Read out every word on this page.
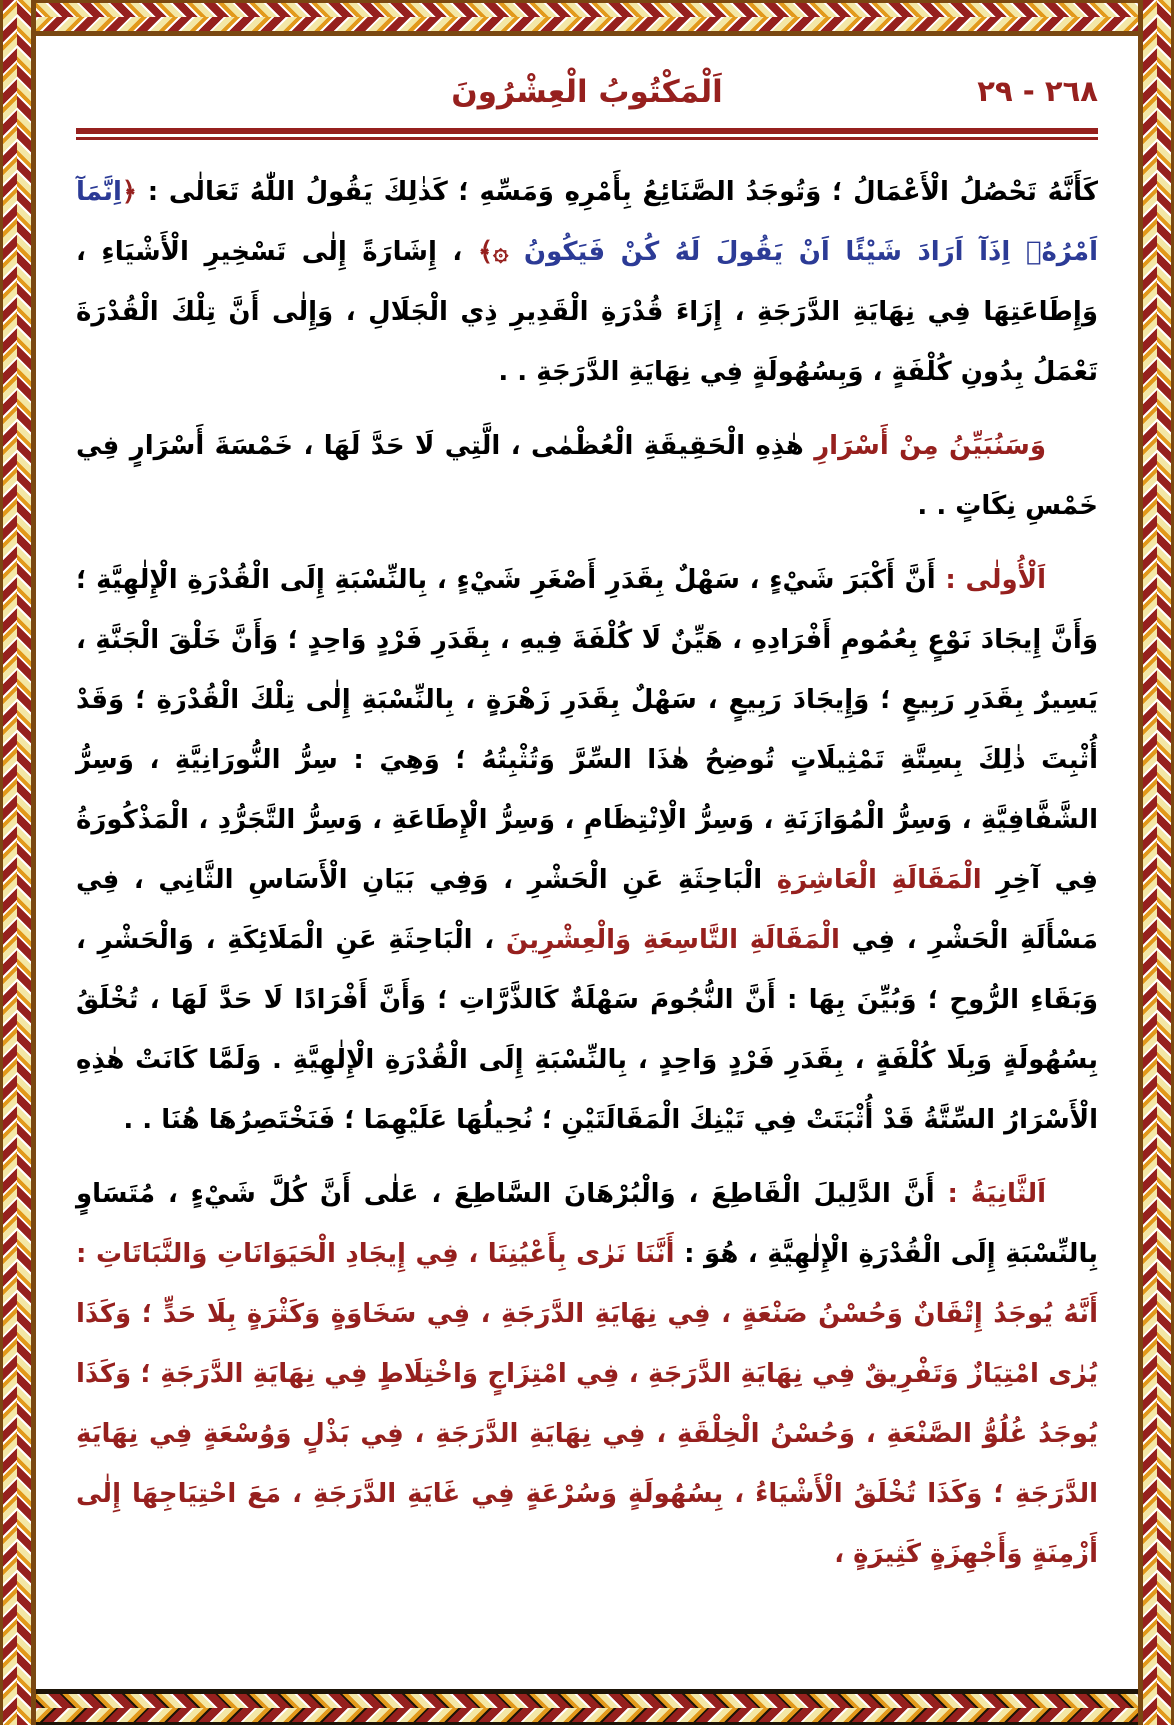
٢٦٨ - ٢٩
اَلْمَكْتُوبُ الْعِشْرُونَ

كَأَنَّهُ تَحْصُلُ الْأَعْمَالُ ؛ وَتُوجَدُ الصَّنَائِعُ بِأَمْرِهِ وَمَسِّهِ ؛ كَذٰلِكَ يَقُولُ اللّٰهُ تَعَالٰى : ﴿اِنَّمَآ اَمْرُهُۤ اِذَآ اَرَادَ شَيْئًا اَنْ يَقُولَ لَهُ كُنْ فَيَكُونُ ۞﴾ ، إِشَارَةً إِلٰى تَسْخِيرِ الْأَشْيَاءِ ، وَإِطَاعَتِهَا فِي نِهَايَةِ الدَّرَجَةِ ، إِزَاءَ قُدْرَةِ الْقَدِيرِ ذِي الْجَلَالِ ، وَإِلٰى أَنَّ تِلْكَ الْقُدْرَةَ تَعْمَلُ بِدُونِ كُلْفَةٍ ، وَبِسُهُولَةٍ فِي نِهَايَةِ الدَّرَجَةِ . .

وَسَنُبَيِّنُ مِنْ أَسْرَارِ هٰذِهِ الْحَقِيقَةِ الْعُظْمٰى ، الَّتِي لَا حَدَّ لَهَا ، خَمْسَةَ أَسْرَارٍ فِي خَمْسِ نِكَاتٍ . .

اَلْأُولٰى : أَنَّ أَكْبَرَ شَيْءٍ ، سَهْلٌ بِقَدَرِ أَصْغَرِ شَيْءٍ ، بِالنِّسْبَةِ إِلَى الْقُدْرَةِ الْإِلٰهِيَّةِ ؛ وَأَنَّ إِيجَادَ نَوْعٍ بِعُمُومِ أَفْرَادِهِ ، هَيِّنٌ لَا كُلْفَةَ فِيهِ ، بِقَدَرِ فَرْدٍ وَاحِدٍ ؛ وَأَنَّ خَلْقَ الْجَنَّةِ ، يَسِيرٌ بِقَدَرِ رَبِيعٍ ؛ وَإِيجَادَ رَبِيعٍ ، سَهْلٌ بِقَدَرِ زَهْرَةٍ ، بِالنِّسْبَةِ إِلٰى تِلْكَ الْقُدْرَةِ ؛ وَقَدْ أُثْبِتَ ذٰلِكَ بِسِتَّةِ تَمْثِيلَاتٍ تُوضِحُ هٰذَا السِّرَّ وَتُثْبِتُهُ ؛ وَهِيَ : سِرُّ النُّورَانِيَّةِ ، وَسِرُّ الشَّفَّافِيَّةِ ، وَسِرُّ الْمُوَازَنَةِ ، وَسِرُّ الْاِنْتِظَامِ ، وَسِرُّ الْإِطَاعَةِ ، وَسِرُّ التَّجَرُّدِ ، الْمَذْكُورَةُ فِي آخِرِ الْمَقَالَةِ الْعَاشِرَةِ الْبَاحِثَةِ عَنِ الْحَشْرِ ، وَفِي بَيَانِ الْأَسَاسِ الثَّانِي ، فِي مَسْأَلَةِ الْحَشْرِ ، فِي الْمَقَالَةِ التَّاسِعَةِ وَالْعِشْرِينَ ، الْبَاحِثَةِ عَنِ الْمَلَائِكَةِ ، وَالْحَشْرِ ، وَبَقَاءِ الرُّوحِ ؛ وَبُيِّنَ بِهَا : أَنَّ النُّجُومَ سَهْلَةٌ كَالذَّرَّاتِ ؛ وَأَنَّ أَفْرَادًا لَا حَدَّ لَهَا ، تُخْلَقُ بِسُهُولَةٍ وَبِلَا كُلْفَةٍ ، بِقَدَرِ فَرْدٍ وَاحِدٍ ، بِالنِّسْبَةِ إِلَى الْقُدْرَةِ الْإِلٰهِيَّةِ . وَلَمَّا كَانَتْ هٰذِهِ الْأَسْرَارُ السِّتَّةُ قَدْ أُثْبَتَتْ فِي تَيْنِكَ الْمَقَالَتَيْنِ ؛ نُحِيلُهَا عَلَيْهِمَا ؛ فَنَخْتَصِرُهَا هُنَا . .

اَلثَّانِيَةُ : أَنَّ الدَّلِيلَ الْقَاطِعَ ، وَالْبُرْهَانَ السَّاطِعَ ، عَلٰى أَنَّ كُلَّ شَيْءٍ ، مُتَسَاوٍ بِالنِّسْبَةِ إِلَى الْقُدْرَةِ الْإِلٰهِيَّةِ ، هُوَ : أَنَّنَا نَرٰى بِأَعْيُنِنَا ، فِي إِيجَادِ الْحَيَوَانَاتِ وَالنَّبَاتَاتِ : أَنَّهُ يُوجَدُ إِتْقَانٌ وَحُسْنُ صَنْعَةٍ ، فِي نِهَايَةِ الدَّرَجَةِ ، فِي سَخَاوَةٍ وَكَثْرَةٍ بِلَا حَدٍّ ؛ وَكَذَا يُرٰى امْتِيَازٌ وَتَفْرِيقٌ فِي نِهَايَةِ الدَّرَجَةِ ، فِي امْتِزَاجٍ وَاخْتِلَاطٍ فِي نِهَايَةِ الدَّرَجَةِ ؛ وَكَذَا يُوجَدُ غُلُوُّ الصَّنْعَةِ ، وَحُسْنُ الْخِلْقَةِ ، فِي نِهَايَةِ الدَّرَجَةِ ، فِي بَذْلٍ وَوُسْعَةٍ فِي نِهَايَةِ الدَّرَجَةِ ؛ وَكَذَا تُخْلَقُ الْأَشْيَاءُ ، بِسُهُولَةٍ وَسُرْعَةٍ فِي غَايَةِ الدَّرَجَةِ ، مَعَ احْتِيَاجِهَا إِلٰى أَزْمِنَةٍ وَأَجْهِزَةٍ كَثِيرَةٍ ،
